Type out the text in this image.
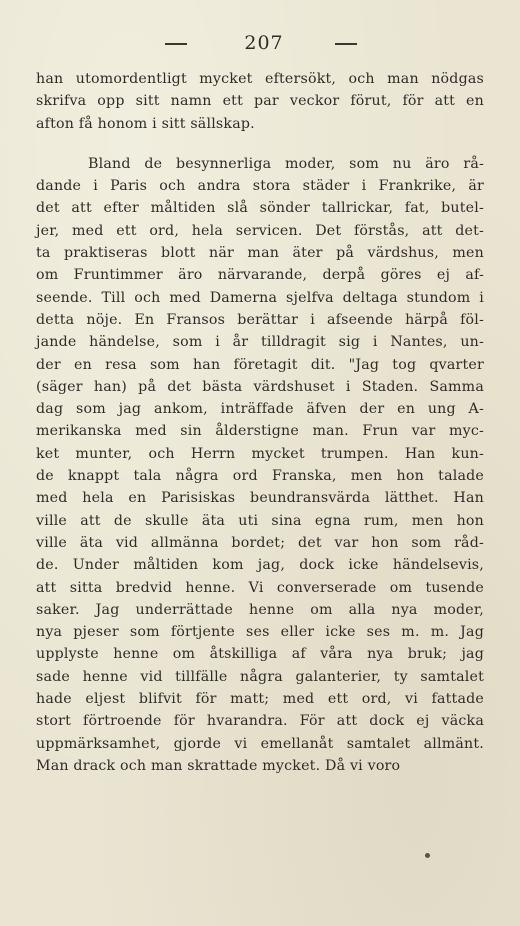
207
han utomordentligt mycket eftersökt, och man nödgas
skrifva opp sitt namn ett par veckor förut, för att en
afton få honom i sitt sällskap.
Bland de besynnerliga moder, som nu äro rå-
dande i Paris och andra stora städer i Frankrike, är
det att efter måltiden slå sönder tallrickar, fat, butel-
jer, med ett ord, hela servicen. Det förstås, att det-
ta praktiseras blott när man äter på värdshus, men
om Fruntimmer äro närvarande, derpå göres ej af-
seende. Till och med Damerna sjelfva deltaga stundom i
detta nöje. En Fransos berättar i afseende härpå föl-
jande händelse, som i år tilldragit sig i Nantes, un-
der en resa som han företagit dit. "Jag tog qvarter
(säger han) på det bästa värdshuset i Staden. Samma
dag som jag ankom, inträffade äfven der en ung A-
merikanska med sin ålderstigne man. Frun var myc-
ket munter, och Herrn mycket trumpen. Han kun-
de knappt tala några ord Franska, men hon talade
med hela en Parisiskas beundransvärda lätthet. Han
ville att de skulle äta uti sina egna rum, men hon
ville äta vid allmänna bordet; det var hon som råd-
de. Under måltiden kom jag, dock icke händelsevis,
att sitta bredvid henne. Vi converserade om tusende
saker. Jag underrättade henne om alla nya moder,
nya pjeser som förtjente ses eller icke ses m. m. Jag
upplyste henne om åtskilliga af våra nya bruk; jag
sade henne vid tillfälle några galanterier, ty samtalet
hade eljest blifvit för matt; med ett ord, vi fattade
stort förtroende för hvarandra. För att dock ej väcka
uppmärksamhet, gjorde vi emellanåt samtalet allmänt.
Man drack och man skrattade mycket. Då vi voro
